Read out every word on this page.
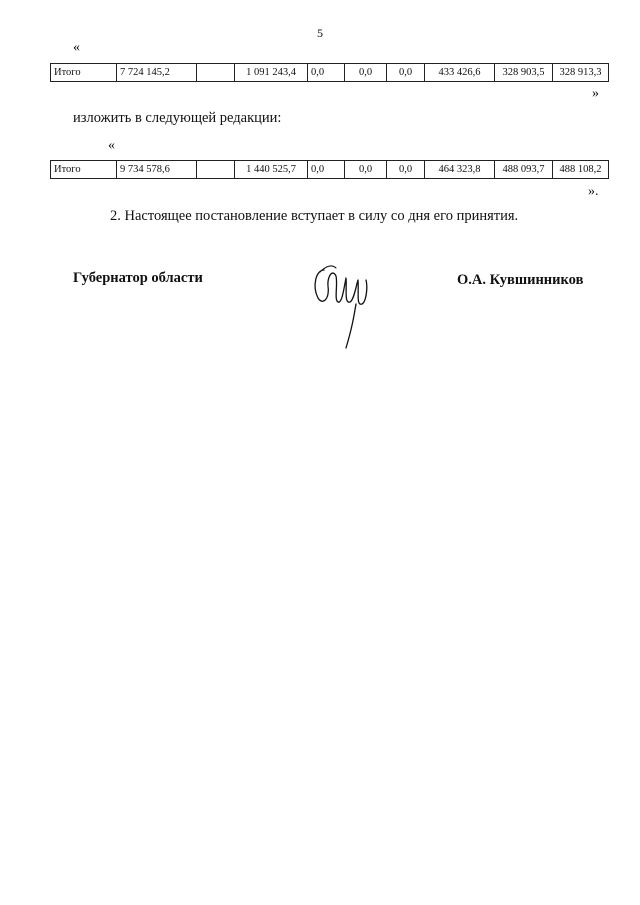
5
«
Итого	7 724 145,2		1 091 243,4	0,0	0,0	0,0	433 426,6	328 903,5	328 913,3
»
изложить в следующей редакции:
«
Итого	9 734 578,6		1 440 525,7	0,0	0,0	0,0	464 323,8	488 093,7	488 108,2
».
2. Настоящее постановление вступает в силу со дня его принятия.
Губернатор области	О.А. Кувшинников
